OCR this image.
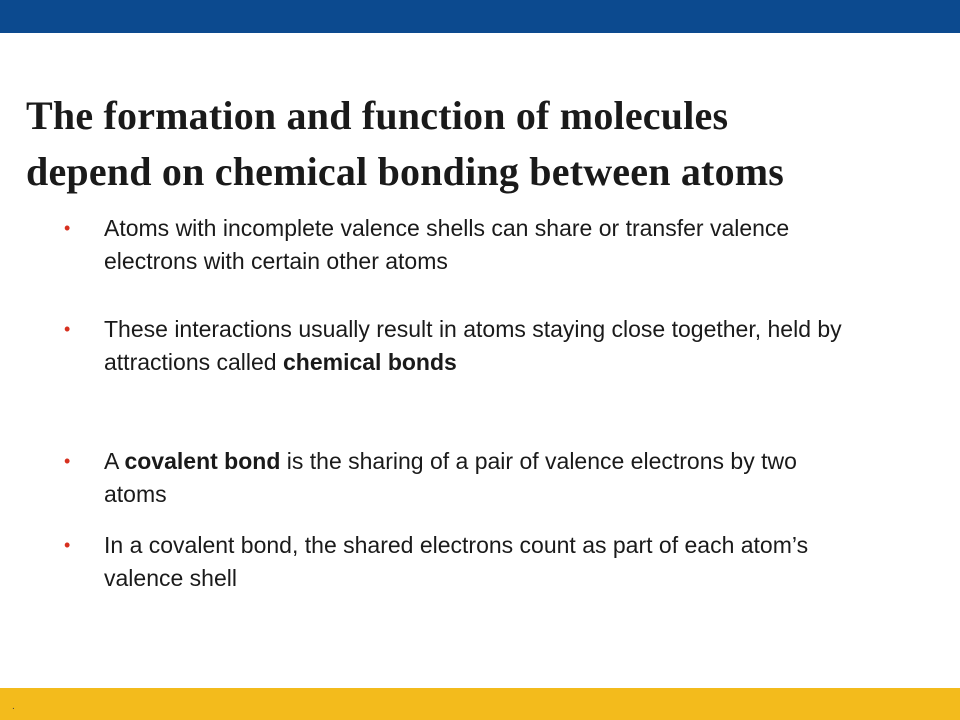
The formation and function of molecules
depend on chemical bonding between atoms
•	Atoms with incomplete valence shells can share or transfer valence electrons with certain other atoms
•	These interactions usually result in atoms staying close together, held by attractions called chemical bonds
•	A covalent bond is the sharing of a pair of valence electrons by two atoms
•	In a covalent bond, the shared electrons count as part of each atom’s valence shell
.
